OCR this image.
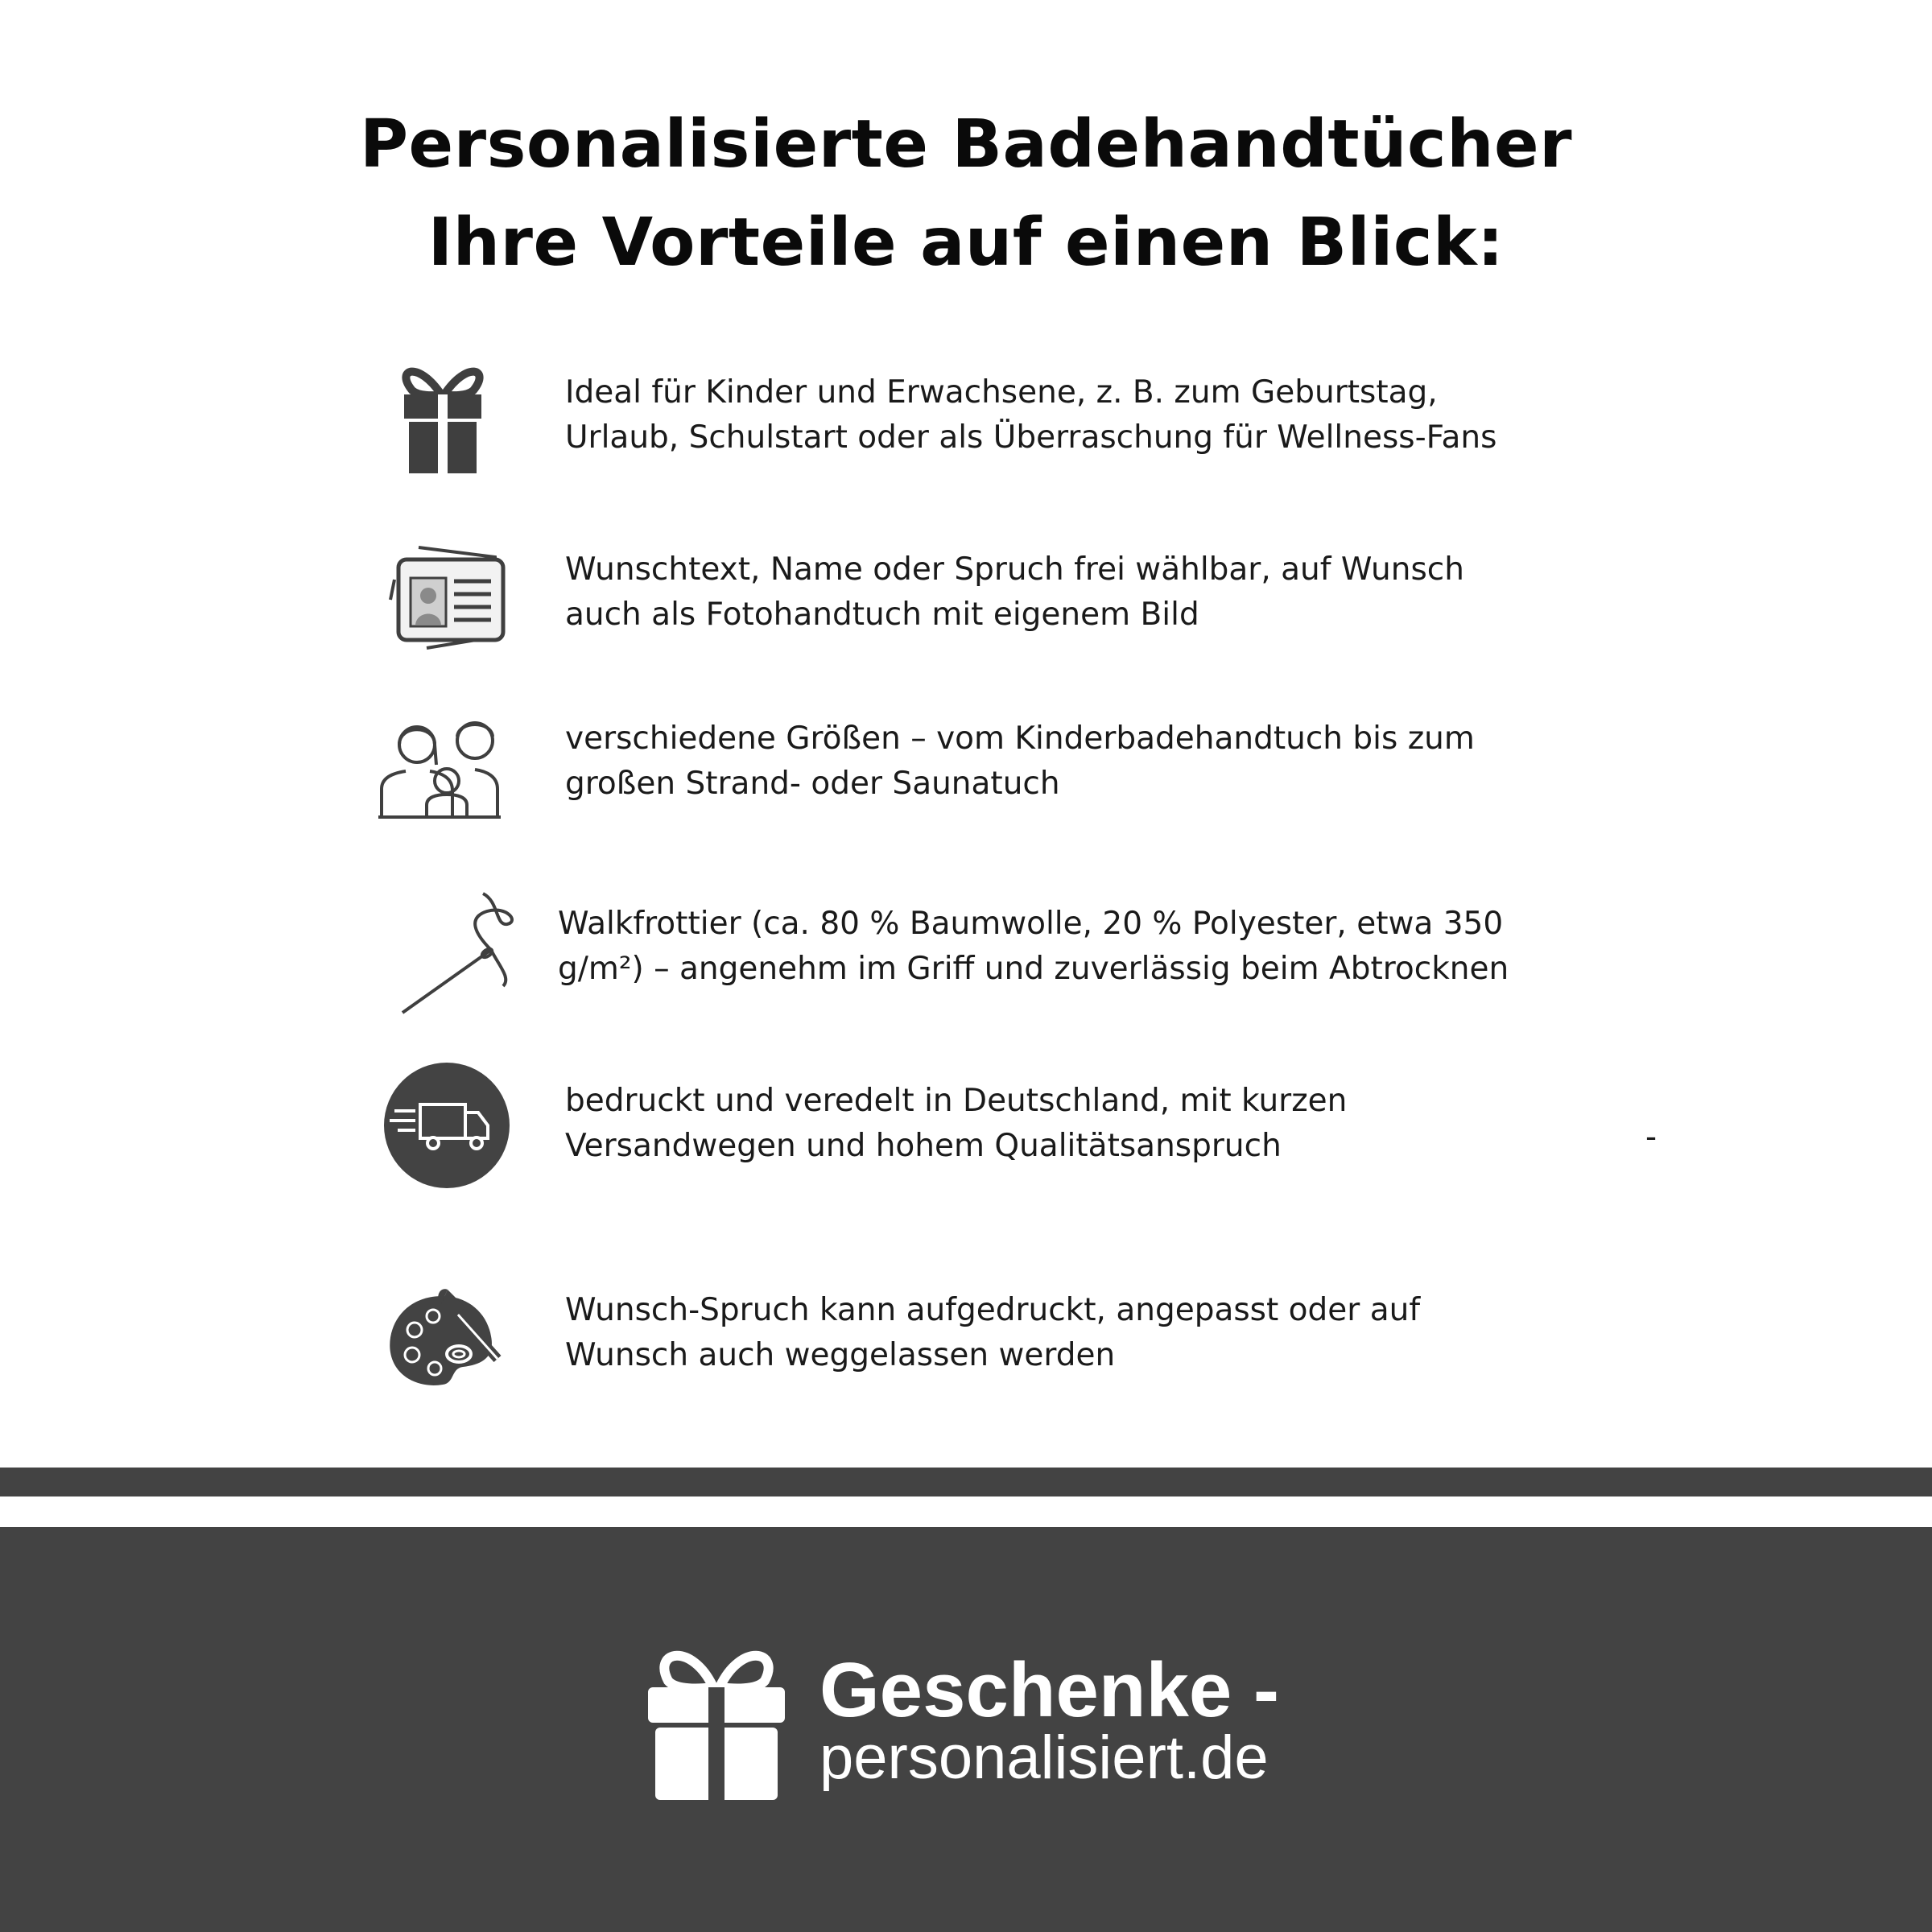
Personalisierte Badehandtücher
Ihre Vorteile auf einen Blick:
Ideal für Kinder und Erwachsene, z. B. zum Geburtstag,
Urlaub, Schulstart oder als Überraschung für Wellness-Fans
Wunschtext, Name oder Spruch frei wählbar, auf Wunsch
auch als Fotohandtuch mit eigenem Bild
verschiedene Größen – vom Kinderbadehandtuch bis zum
großen Strand- oder Saunatuch
Walkfrottier (ca. 80 % Baumwolle, 20 % Polyester, etwa 350
g/m²) – angenehm im Griff und zuverlässig beim Abtrocknen
bedruckt und veredelt in Deutschland, mit kurzen
Versandwegen und hohem Qualitätsanspruch	-
Wunsch-Spruch kann aufgedruckt, angepasst oder auf
Wunsch auch weggelassen werden
Geschenke -
personalisiert.de
